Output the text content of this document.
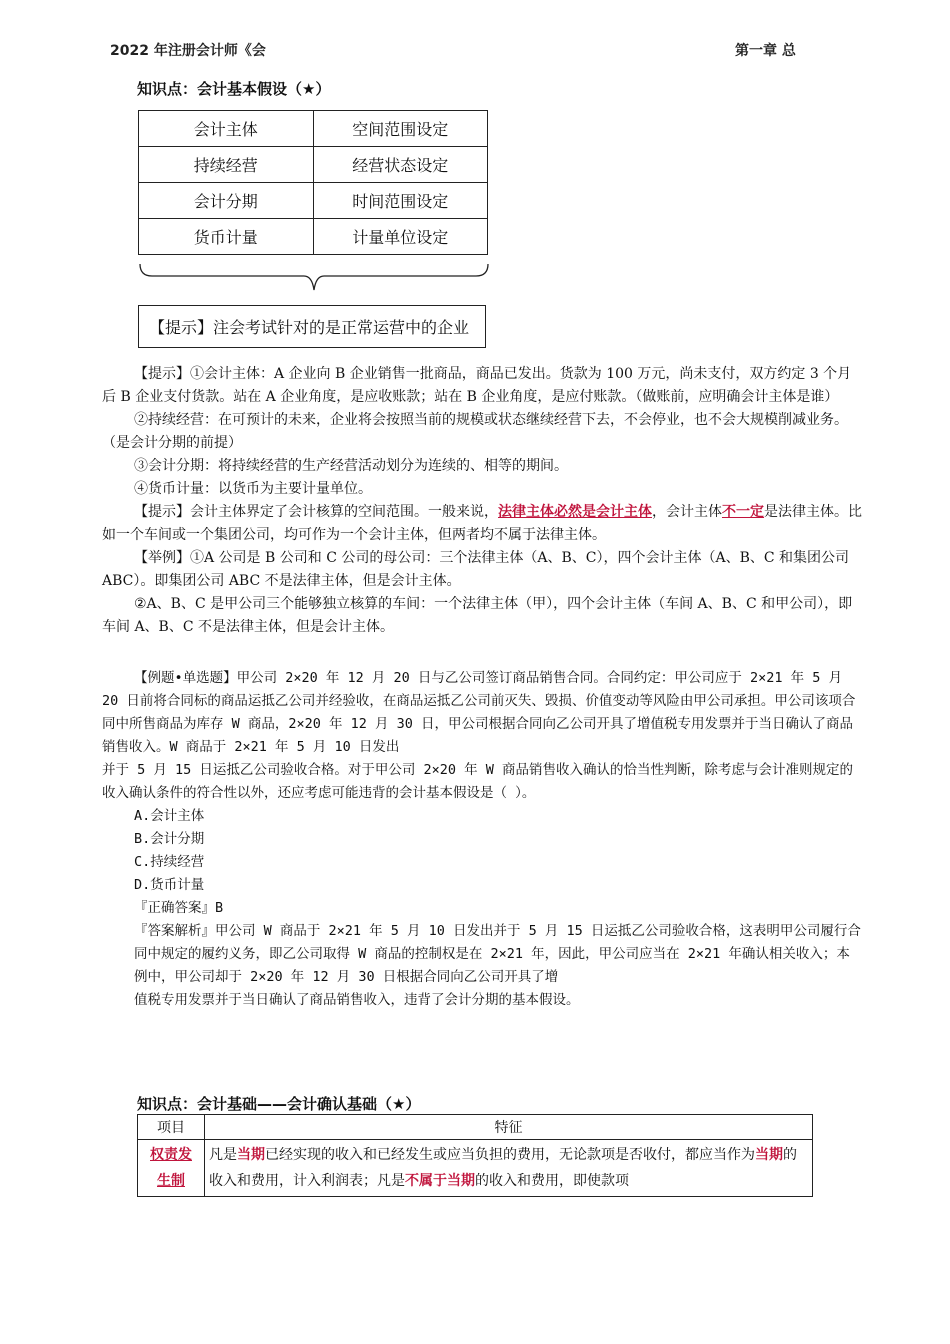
2022 年注册会计师《会	第一章 总
知识点：会计基本假设（★）
会计主体	空间范围设定
持续经营	经营状态设定
会计分期	时间范围设定
货币计量	计量单位设定
【提示】注会考试针对的是正常运营中的企业

【提示】①会计主体：A 企业向 B 企业销售一批商品，商品已发出。货款为 100 万元，尚未支付，双方约定 3 个月后 B 企业支付货款。站在 A 企业角度，是应收账款；站在 B 企业角度，是应付账款。（做账前，应明确会计主体是谁）

②持续经营：在可预计的未来，企业将会按照当前的规模或状态继续经营下去，不会停业，也不会大规模削减业务。（是会计分期的前提）

③会计分期：将持续经营的生产经营活动划分为连续的、相等的期间。

④货币计量：以货币为主要计量单位。

【提示】会计主体界定了会计核算的空间范围。一般来说，法律主体必然是会计主体，会计主体不一定是法律主体。比如一个车间或一个集团公司，均可作为一个会计主体，但两者均不属于法律主体。

【举例】①A 公司是 B 公司和 C 公司的母公司：三个法律主体（A、B、C），四个会计主体（A、B、C 和集团公司 ABC）。即集团公司 ABC 不是法律主体，但是会计主体。

②A、B、C 是甲公司三个能够独立核算的车间：一个法律主体（甲），四个会计主体（车间 A、B、C 和甲公司），即车间 A、B、C 不是法律主体，但是会计主体。

【例题•单选题】甲公司 2×20 年 12 月 20 日与乙公司签订商品销售合同。合同约定：甲公司应于 2×21 年 5 月 20 日前将合同标的商品运抵乙公司并经验收，在商品运抵乙公司前灭失、毁损、价值变动等风险由甲公司承担。甲公司该项合同中所售商品为库存 W 商品，2×20 年 12 月 30 日，甲公司根据合同向乙公司开具了增值税专用发票并于当日确认了商品销售收入。W 商品于 2×21 年 5 月 10 日发出

并于 5 月 15 日运抵乙公司验收合格。对于甲公司 2×20 年 W 商品销售收入确认的恰当性判断，除考虑与会计准则规定的收入确认条件的符合性以外，还应考虑可能违背的会计基本假设是（ ）。

A.会计主体

B.会计分期

C.持续经营

D.货币计量

『正确答案』B

『答案解析』甲公司 W 商品于 2×21 年 5 月 10 日发出并于 5 月 15 日运抵乙公司验收合格，这表明甲公司履行合同中规定的履约义务，即乙公司取得 W 商品的控制权是在 2×21 年，因此，甲公司应当在 2×21 年确认相关收入；本例中，甲公司却于 2×20 年 12 月 30 日根据合同向乙公司开具了增

值税专用发票并于当日确认了商品销售收入，违背了会计分期的基本假设。

知识点：会计基础——会计确认基础（★）
项目	特征
权责发
生制	凡是当期已经实现的收入和已经发生或应当负担的费用，无论款项是否收付，都应当作为当期的收入和费用，计入利润表；凡是不属于当期的收入和费用，即使款项
